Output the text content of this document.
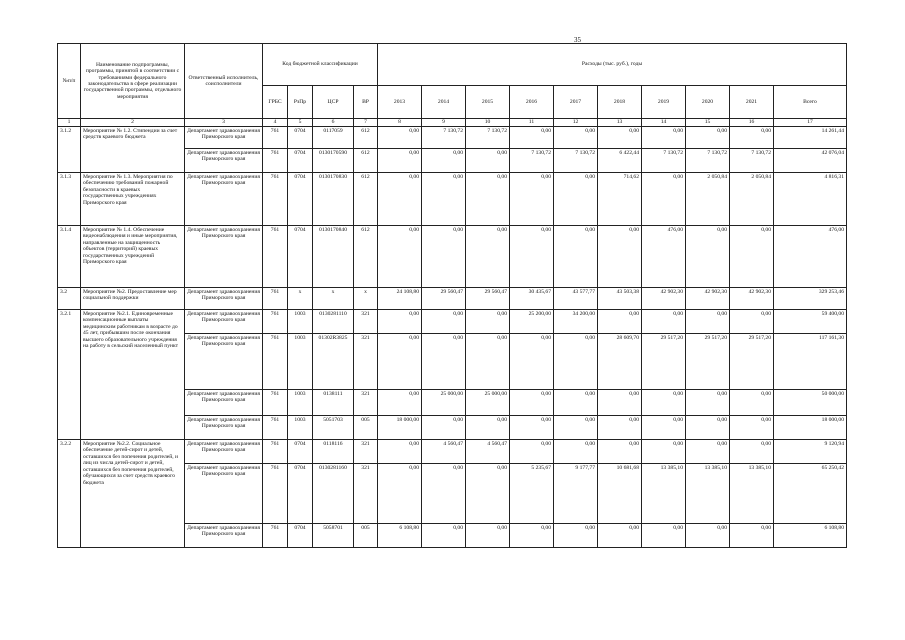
35
№п/п	Наименование подпрограммы, программы, принятой в соответствии с требованиями федерального законодательства в сфере реализации государственной программы, отдельного мероприятия	Ответственный исполнитель, соисполнители	Код бюджетной классификации				Расходы (тыс. руб.), годы									
			ГРБС	РзПр	ЦСР	ВР	2013	2014	2015	2016	2017	2018	2019	2020	2021	Всего
1	2	3	4	5	6	7	8	9	10	11	12	13	14	15	16	17
3.1.2	Мероприятие № 1.2. Стипендии за счет средств краевого бюджета	Департамент здравоохранения Приморского края	761	0704	0117059	612	0,00	7 130,72	7 130,72	0,00	0,00	0,00	0,00	0,00	0,00	14 261,44
		Департамент здравоохранения Приморского края	761	0704	0130170590	612	0,00	0,00	0,00	7 130,72	7 130,72	6 422,44	7 130,72	7 130,72	7 130,72	42 076,04
3.1.3	Мероприятие № 1.3. Мероприятия по обеспечению требований пожарной безопасности в краевых государственных учреждениях Приморского края	Департамент здравоохранения Приморского края	761	0704	0130170830	612	0,00	0,00	0,00	0,00	0,00	714,62	0,00	2 050,84	2 050,84	4 816,31
3.1.4	Мероприятие № 1.4. Обеспечение видеонаблюдения и иные мероприятия, направленные на защищенность объектов (территорий) краевых государственных учреждений Приморского края	Департамент здравоохранения Приморского края	761	0704	0130170840	612	0,00	0,00	0,00	0,00	0,00	0,00	476,00	0,00	0,00	476,00
3.2	Мероприятие №2. Предоставление мер социальной поддержки	Департамент здравоохранения Приморского края	761	х	х	х	24 108,80	29 560,47	29 560,47	30 435,67	43 577,77	43 503,38	42 902,30	42 902,30	42 902,30	329 253,46
3.2.1	Мероприятие №2.1. Единовременные компенсационные выплаты медицинским работникам в возрасте до 45 лет, прибывшим после окончания высшего образовательного учреждения на работу в сельский населенный пункт	Департамент здравоохранения Приморского края	761	1003	0130281110	321	0,00	0,00	0,00	25 200,00	34 200,00	0,00	0,00	0,00	0,00	59 400,00
		Департамент здравоохранения Приморского края	761	1003	01302R3825	321	0,00	0,00	0,00	0,00	0,00	28 609,70	29 517,20	29 517,20	29 517,20	117 161,30
		Департамент здравоохранения Приморского края	761	1003	0138111	321	0,00	25 000,00	25 000,00	0,00	0,00	0,00	0,00	0,00	0,00	50 000,00
		Департамент здравоохранения Приморского края	761	1003	5051703	005	18 000,00	0,00	0,00	0,00	0,00	0,00	0,00	0,00	0,00	18 000,00
3.2.2	Мероприятие №2.2. Социальное обеспечение детей-сирот и детей, оставшихся без попечения родителей, и лиц из числа детей-сирот и детей, оставшихся без попечения родителей, обучающихся за счет средств краевого бюджета	Департамент здравоохранения Приморского края	761	0704	0118116	321	0,00	4 560,47	4 560,47	0,00	0,00	0,00	0,00	0,00	0,00	9 120,94
		Департамент здравоохранения Приморского края	761	0704	0130281160	321	0,00	0,00	0,00	5 235,67	9 177,77	10 681,68	13 385,10	13 385,10	13 385,10	65 250,42
		Департамент здравоохранения Приморского края	761	0704	5058701	005	6 108,80	0,00	0,00	0,00	0,00	0,00	0,00	0,00	0,00	6 108,80
